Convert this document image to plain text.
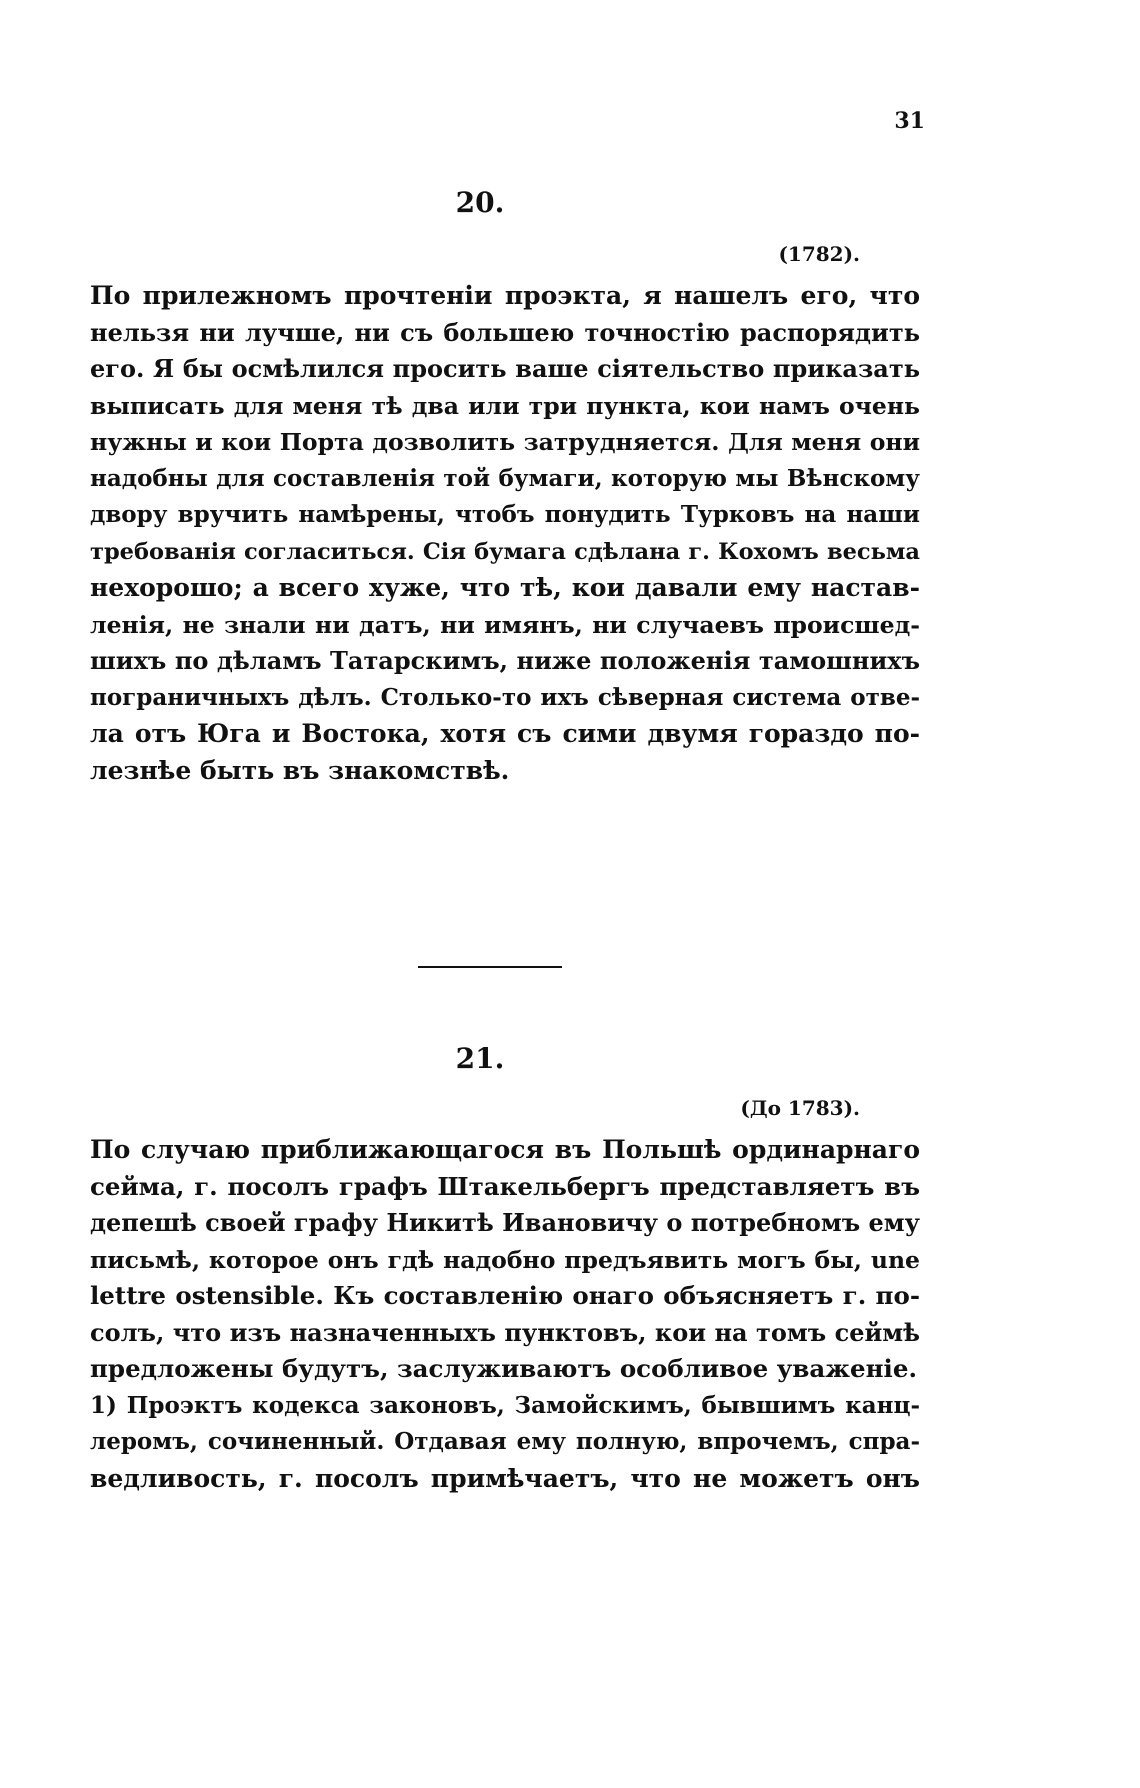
31
20.
(1782).
По прилежномъ прочтеніи проэкта, я нашелъ его, что
нельзя ни лучше, ни съ большею точностію распорядить
его. Я бы осмѣлился просить ваше сіятельство приказать
выписать для меня тѣ два или три пункта, кои намъ очень
нужны и кои Порта дозволить затрудняется. Для меня они
надобны для составленія той бумаги, которую мы Вѣнскому
двору вручить намѣрены, чтобъ понудить Турковъ на наши
требованія согласиться. Сія бумага сдѣлана г. Кохомъ весьма
нехорошо; а всего хуже, что тѣ, кои давали ему настав-
ленія, не знали ни датъ, ни имянъ, ни случаевъ происшед-
шихъ по дѣламъ Татарскимъ, ниже положенія тамошнихъ
пограничныхъ дѣлъ. Столько-то ихъ сѣверная система отве-
ла отъ Юга и Востока, хотя съ сими двумя гораздо по-
лезнѣе быть въ знакомствѣ.
21.
(До 1783).
По случаю приближающагося въ Польшѣ ординарнаго
сейма, г. посолъ графъ Штакельбергъ представляетъ въ
депешѣ своей графу Никитѣ Ивановичу о потребномъ ему
письмѣ, которое онъ гдѣ надобно предъявить могъ бы, une
lettre ostensible. Къ составленію онаго объясняетъ г. по-
солъ, что изъ назначенныхъ пунктовъ, кои на томъ сеймѣ
предложены будутъ, заслуживаютъ особливое уваженіе.
1) Проэктъ кодекса законовъ, Замойскимъ, бывшимъ канц-
леромъ, сочиненный. Отдавая ему полную, впрочемъ, спра-
ведливость, г. посолъ примѣчаетъ, что не можетъ онъ
